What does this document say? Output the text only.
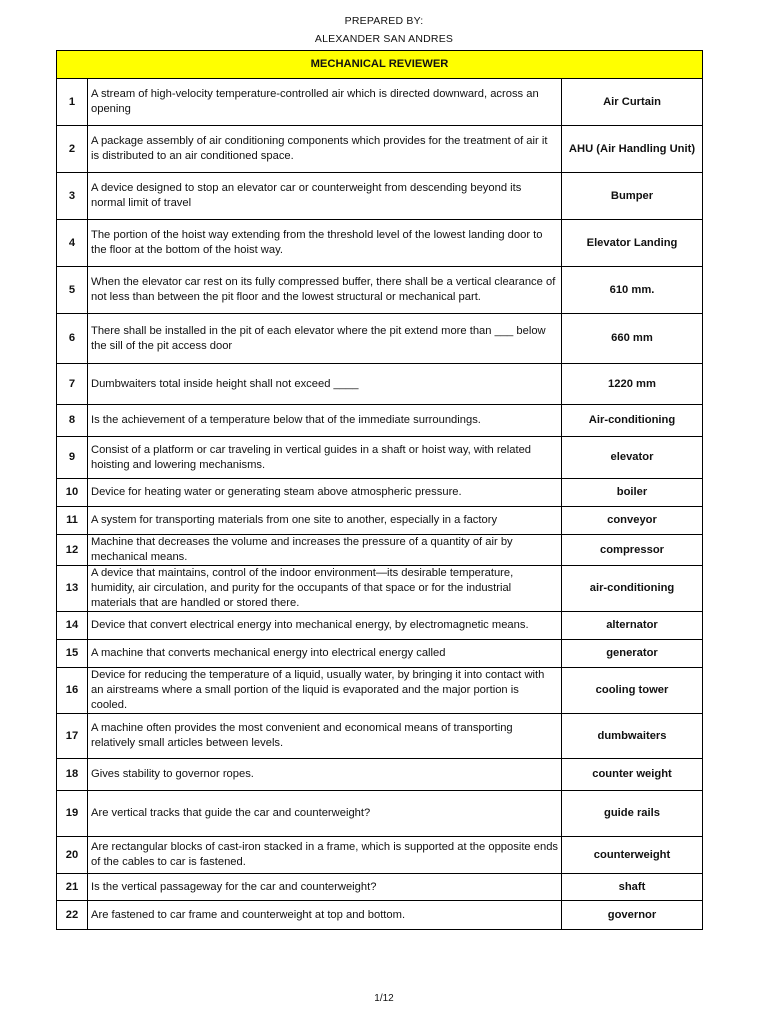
PREPARED BY:
ALEXANDER SAN ANDRES
MECHANICAL REVIEWER		
1	A stream of high-velocity temperature-controlled air which is directed downward, across an opening	Air Curtain
2	A package assembly of air conditioning components which provides for the treatment of air it is distributed to an air conditioned space.	AHU (Air Handling Unit)
3	A device designed to stop an elevator car or counterweight from descending beyond its normal limit of travel	Bumper
4	The portion of the hoist way extending from the threshold level of the lowest landing door to the floor at the bottom of the hoist way.	Elevator Landing
5	When the elevator car rest on its fully compressed buffer, there shall be a vertical clearance of not less than between the pit floor and the lowest structural or mechanical part.	610 mm.
6	There shall be installed in the pit of each elevator where the pit extend more than ___ below the sill of the pit access door	660 mm
7	Dumbwaiters total inside height shall not exceed ____	1220 mm
8	Is the achievement of a temperature below that of the immediate surroundings.	Air-conditioning
9	Consist of a platform or car traveling in vertical guides in a shaft or hoist way, with related hoisting and lowering mechanisms.	elevator
10	Device for heating water or generating steam above atmospheric pressure.	boiler
11	A system for transporting materials from one site to another, especially in a factory	conveyor
12	Machine that decreases the volume and increases the pressure of a quantity of air by mechanical means.	compressor
13	A device that maintains, control of the indoor environment—its desirable temperature, humidity, air circulation, and purity for the occupants of that space or for the industrial materials that are handled or stored there.	air-conditioning
14	Device that convert electrical energy into mechanical energy, by electromagnetic means.	alternator
15	A machine that converts mechanical energy into electrical energy called	generator
16	Device for reducing the temperature of a liquid, usually water, by bringing it into contact with an airstreams where a small portion of the liquid is evaporated and the major portion is cooled.	cooling tower
17	A machine often provides the most convenient and economical means of transporting relatively small articles between levels.	dumbwaiters
18	Gives stability to governor ropes.	counter weight
19	Are vertical tracks that guide the car and counterweight?	guide rails
20	Are rectangular blocks of cast-iron stacked in a frame, which is supported at the opposite ends of the cables to car is fastened.	counterweight
21	Is the vertical passageway for the car and counterweight?	shaft
22	Are fastened to car frame and counterweight at top and bottom.	governor
1/12
